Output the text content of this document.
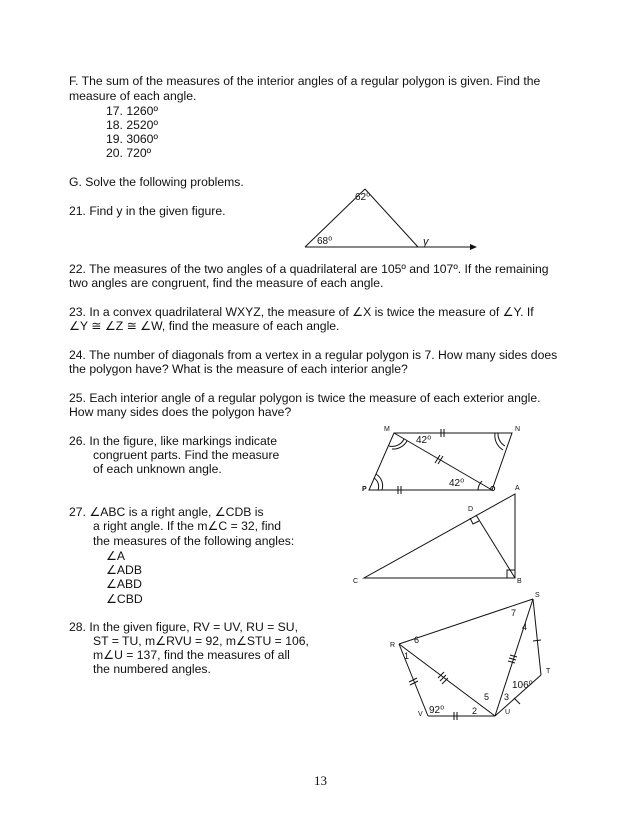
F. The sum of the measures of the interior angles of a regular polygon is given. Find the
measure of each angle.
17. 1260º
18. 2520º
19. 3060º
20. 720º
G. Solve the following problems.
21. Find y in the given figure.
62⁰
68⁰	y
22. The measures of the two angles of a quadrilateral are 105º and 107º. If the remaining
two angles are congruent, find the measure of each angle.
23. In a convex quadrilateral WXYZ, the measure of ∠X is twice the measure of ∠Y. If
∠Y ≅ ∠Z ≅ ∠W, find the measure of each angle.
24. The number of diagonals from a vertex in a regular polygon is 7. How many sides does
the polygon have? What is the measure of each interior angle?
25. Each interior angle of a regular polygon is twice the measure of each exterior angle.
How many sides does the polygon have?
26. In the figure, like markings indicate
congruent parts. Find the measure
of each unknown angle.
M	N
P	O
42⁰
42⁰
27. ∠ABC is a right angle, ∠CDB is
a right angle. If the m∠C = 32, find
the measures of the following angles:
∠A
∠ADB
∠ABD
∠CBD
A
B
C
D
28. In the given figure, RV = UV, RU = SU,
ST = TU, m∠RVU = 92, m∠STU = 106,
m∠U = 137, find the measures of all
the numbered angles.
R
S
T
U
V 92⁰
106⁰
1
2
3
4
5
6
7
13
